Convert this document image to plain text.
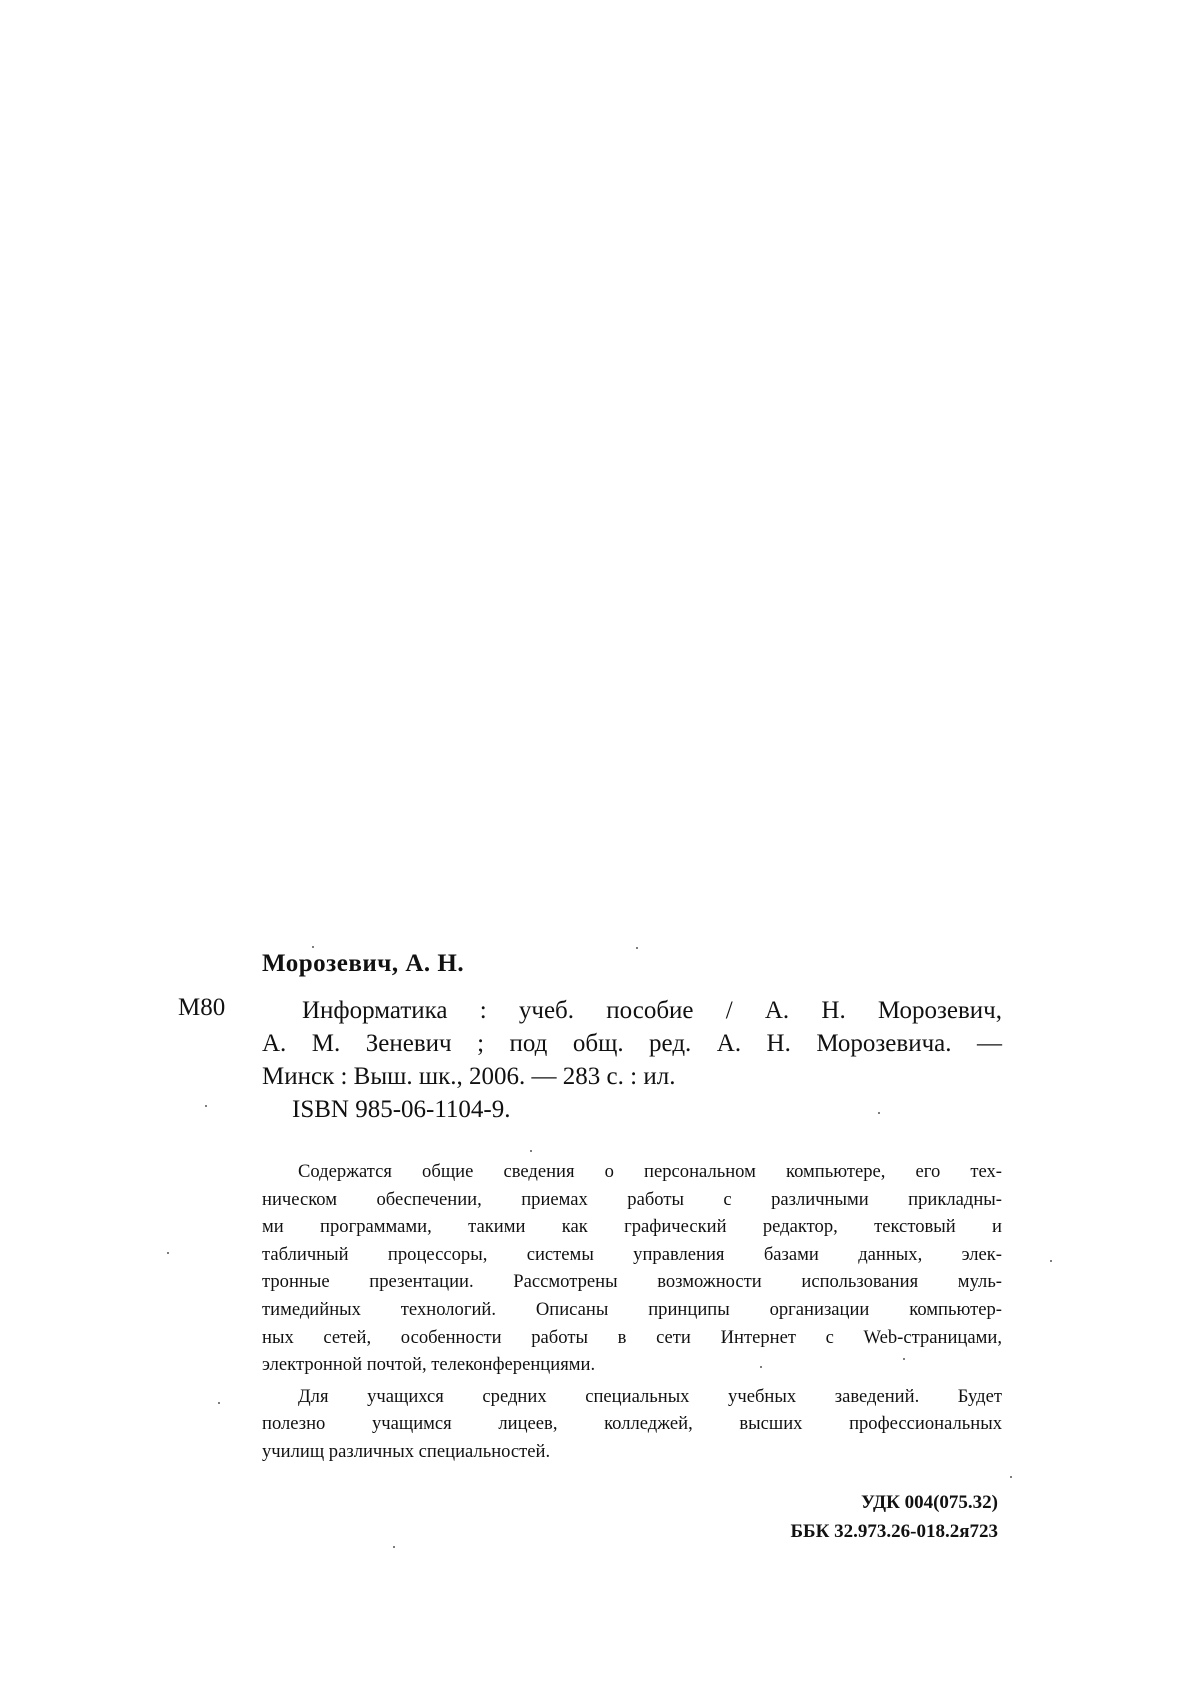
Морозевич, А. Н.
М80	Информатика : учеб. пособие / А. Н. Морозевич,
А. М. Зеневич ; под общ. ред. А. Н. Морозевича. —
Минск : Выш. шк., 2006. — 283 с. : ил.
ISBN 985-06-1104-9.
Содержатся общие сведения о персональном компьютере, его тех-
ническом обеспечении, приемах работы с различными прикладны-
ми программами, такими как графический редактор, текстовый и
табличный процессоры, системы управления базами данных, элек-
тронные презентации. Рассмотрены возможности использования муль-
тимедийных технологий. Описаны принципы организации компьютер-
ных сетей, особенности работы в сети Интернет с Web-страницами,
электронной почтой, телеконференциями.
Для учащихся средних специальных учебных заведений. Будет
полезно учащимся лицеев, колледжей, высших профессиональных
училищ различных специальностей.
УДК 004(075.32)
ББК 32.973.26-018.2я723
